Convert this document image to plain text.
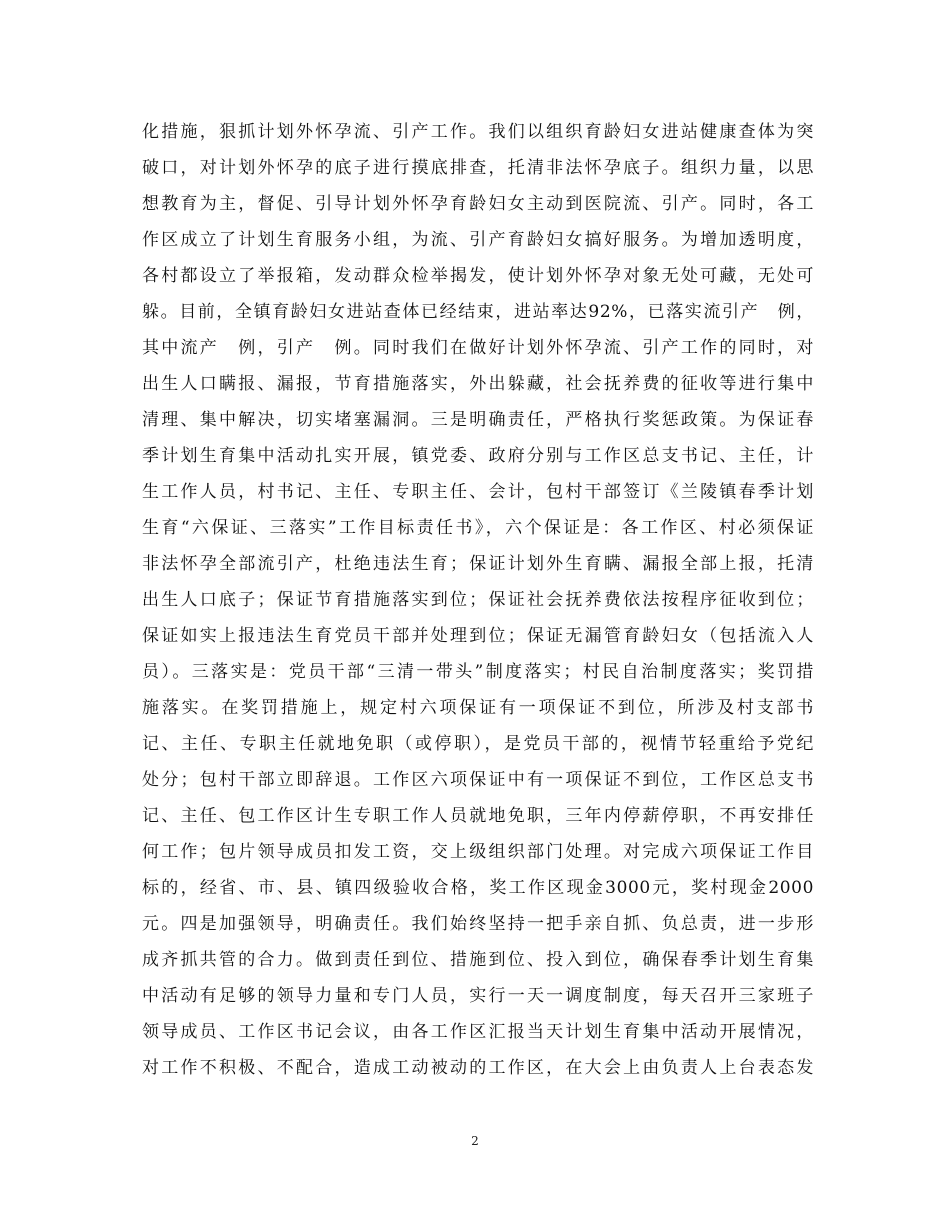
化措施，狠抓计划外怀孕流、引产工作。我们以组织育龄妇女进站健康查体为突
破口，对计划外怀孕的底子进行摸底排查，托清非法怀孕底子。组织力量，以思
想教育为主，督促、引导计划外怀孕育龄妇女主动到医院流、引产。同时，各工
作区成立了计划生育服务小组，为流、引产育龄妇女搞好服务。为增加透明度，
各村都设立了举报箱，发动群众检举揭发，使计划外怀孕对象无处可藏，无处可
躲。目前，全镇育龄妇女进站查体已经结束，进站率达92%，已落实流引产　例，
其中流产　例，引产　例。同时我们在做好计划外怀孕流、引产工作的同时，对
出生人口瞒报、漏报，节育措施落实，外出躲藏，社会抚养费的征收等进行集中
清理、集中解决，切实堵塞漏洞。三是明确责任，严格执行奖惩政策。为保证春
季计划生育集中活动扎实开展，镇党委、政府分别与工作区总支书记、主任，计
生工作人员，村书记、主任、专职主任、会计，包村干部签订《兰陵镇春季计划
生育“六保证、三落实”工作目标责任书》，六个保证是：各工作区、村必须保证
非法怀孕全部流引产，杜绝违法生育；保证计划外生育瞒、漏报全部上报，托清
出生人口底子；保证节育措施落实到位；保证社会抚养费依法按程序征收到位；
保证如实上报违法生育党员干部并处理到位；保证无漏管育龄妇女（包括流入人
员）。三落实是：党员干部“三清一带头”制度落实；村民自治制度落实；奖罚措
施落实。在奖罚措施上，规定村六项保证有一项保证不到位，所涉及村支部书
记、主任、专职主任就地免职（或停职），是党员干部的，视情节轻重给予党纪
处分；包村干部立即辞退。工作区六项保证中有一项保证不到位，工作区总支书
记、主任、包工作区计生专职工作人员就地免职，三年内停薪停职，不再安排任
何工作；包片领导成员扣发工资，交上级组织部门处理。对完成六项保证工作目
标的，经省、市、县、镇四级验收合格，奖工作区现金3000元，奖村现金2000
元。四是加强领导，明确责任。我们始终坚持一把手亲自抓、负总责，进一步形
成齐抓共管的合力。做到责任到位、措施到位、投入到位，确保春季计划生育集
中活动有足够的领导力量和专门人员，实行一天一调度制度，每天召开三家班子
领导成员、工作区书记会议，由各工作区汇报当天计划生育集中活动开展情况，
对工作不积极、不配合，造成工动被动的工作区，在大会上由负责人上台表态发
2
